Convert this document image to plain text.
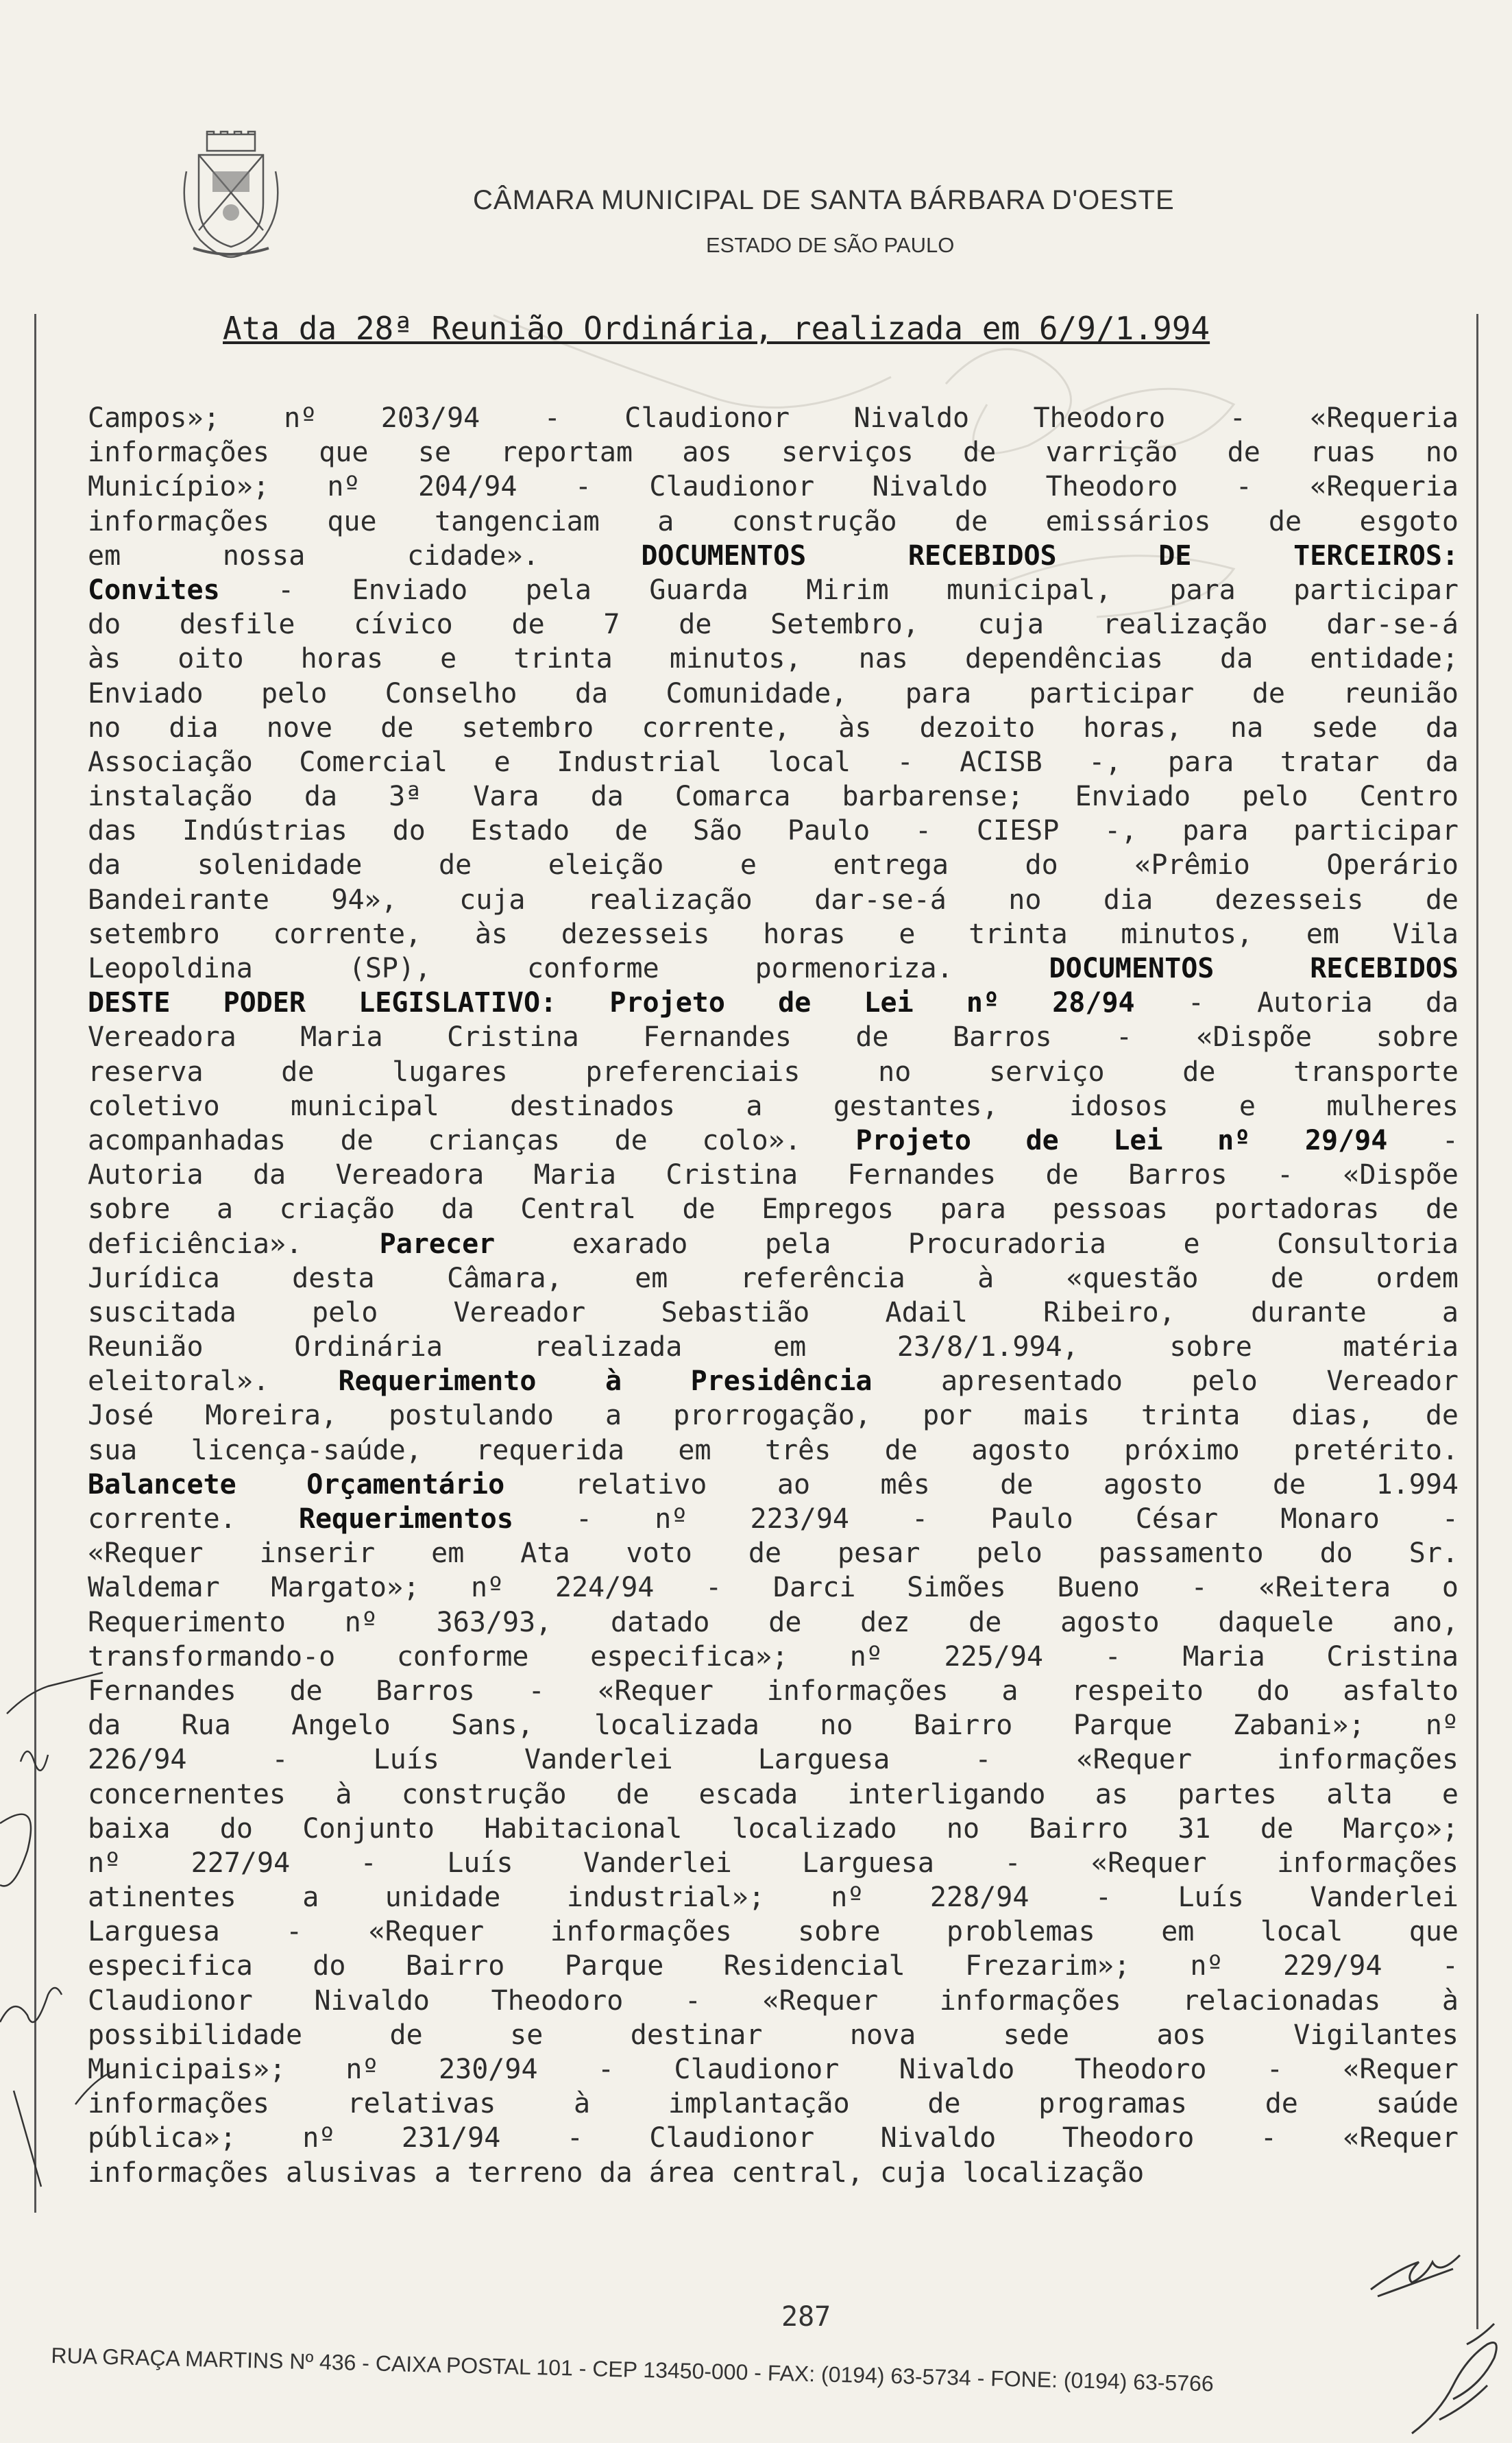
CÂMARA MUNICIPAL DE SANTA BÁRBARA D'OESTE
ESTADO DE SÃO PAULO
Ata da 28ª Reunião Ordinária, realizada em 6/9/1.994
Campos»; nº 203/94 - Claudionor Nivaldo Theodoro - «Requeria
informações que se reportam aos serviços de varrição de ruas no
Município»; nº 204/94 - Claudionor Nivaldo Theodoro - «Requeria
informações que tangenciam a construção de emissários de esgoto
em nossa cidade». DOCUMENTOS RECEBIDOS DE TERCEIROS:
Convites - Enviado pela Guarda Mirim municipal, para participar
do desfile cívico de 7 de Setembro, cuja realização dar-se-á
às oito horas e trinta minutos, nas dependências da entidade;
Enviado pelo Conselho da Comunidade, para participar de reunião
no dia nove de setembro corrente, às dezoito horas, na sede da
Associação Comercial e Industrial local - ACISB -, para tratar da
instalação da 3ª Vara da Comarca barbarense; Enviado pelo Centro
das Indústrias do Estado de São Paulo - CIESP -, para participar
da solenidade de eleição e entrega do «Prêmio Operário
Bandeirante 94», cuja realização dar-se-á no dia dezesseis de
setembro corrente, às dezesseis horas e trinta minutos, em Vila
Leopoldina (SP), conforme pormenoriza. DOCUMENTOS RECEBIDOS
DESTE PODER LEGISLATIVO: Projeto de Lei nº 28/94 - Autoria da
Vereadora Maria Cristina Fernandes de Barros - «Dispõe sobre
reserva de lugares preferenciais no serviço de transporte
coletivo municipal destinados a gestantes, idosos e mulheres
acompanhadas de crianças de colo». Projeto de Lei nº 29/94 -
Autoria da Vereadora Maria Cristina Fernandes de Barros - «Dispõe
sobre a criação da Central de Empregos para pessoas portadoras de
deficiência». Parecer exarado pela Procuradoria e Consultoria
Jurídica desta Câmara, em referência à «questão de ordem
suscitada pelo Vereador Sebastião Adail Ribeiro, durante a
Reunião Ordinária realizada em 23/8/1.994, sobre matéria
eleitoral». Requerimento à Presidência apresentado pelo Vereador
José Moreira, postulando a prorrogação, por mais trinta dias, de
sua licença-saúde, requerida em três de agosto próximo pretérito.
Balancete Orçamentário relativo ao mês de agosto de 1.994
corrente. Requerimentos - nº 223/94 - Paulo César Monaro -
«Requer inserir em Ata voto de pesar pelo passamento do Sr.
Waldemar Margato»; nº 224/94 - Darci Simões Bueno - «Reitera o
Requerimento nº 363/93, datado de dez de agosto daquele ano,
transformando-o conforme especifica»; nº 225/94 - Maria Cristina
Fernandes de Barros - «Requer informações a respeito do asfalto
da Rua Angelo Sans, localizada no Bairro Parque Zabani»; nº
226/94 - Luís Vanderlei Larguesa - «Requer informações
concernentes à construção de escada interligando as partes alta e
baixa do Conjunto Habitacional localizado no Bairro 31 de Março»;
nº 227/94 - Luís Vanderlei Larguesa - «Requer informações
atinentes a unidade industrial»; nº 228/94 - Luís Vanderlei
Larguesa - «Requer informações sobre problemas em local que
especifica do Bairro Parque Residencial Frezarim»; nº 229/94 -
Claudionor Nivaldo Theodoro - «Requer informações relacionadas à
possibilidade de se destinar nova sede aos Vigilantes
Municipais»; nº 230/94 - Claudionor Nivaldo Theodoro - «Requer
informações relativas à implantação de programas de saúde
pública»; nº 231/94 - Claudionor Nivaldo Theodoro - «Requer
informações alusivas a terreno da área central, cuja localização
287
RUA GRAÇA MARTINS Nº 436 - CAIXA POSTAL 101 - CEP 13450-000 - FAX: (0194) 63-5734 - FONE: (0194) 63-5766
